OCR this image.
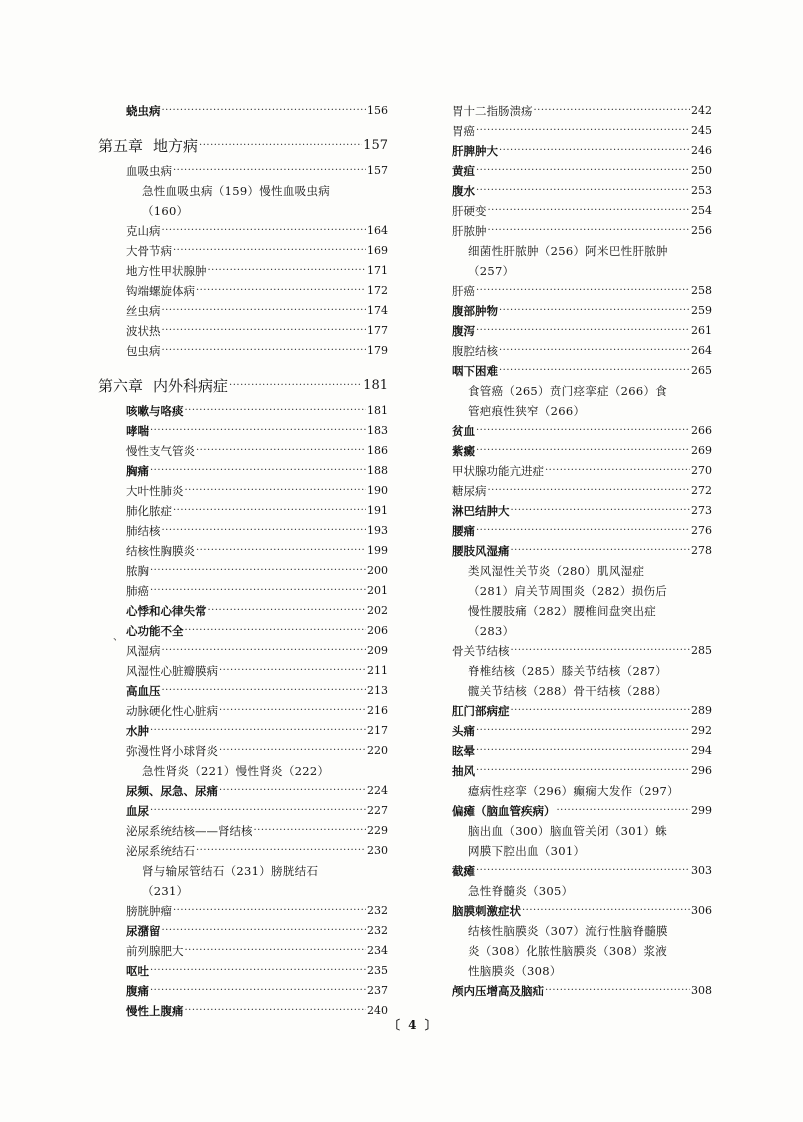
蛲虫病 ·····	156
第五章 地方病 ·····	157
血吸虫病 ·····	157
急性血吸虫病（159）慢性血吸虫病（160）
克山病 ·····	164
大骨节病 ·····	169
地方性甲状腺肿 ·····	171
钩端螺旋体病 ·····	172
丝虫病 ·····	174
波状热 ·····	177
包虫病 ·····	179
第六章 内外科病症 ·····	181
咳嗽与咯痰 ·····	181
哮喘 ·····	183
慢性支气管炎 ·····	186
胸痛 ·····	188
大叶性肺炎 ·····	190
肺化脓症 ·····	191
肺结核 ·····	193
结核性胸膜炎 ·····	199
脓胸 ·····	200
肺癌 ·····	201
心悸和心律失常 ·····	202
心功能不全 ·····	206
风湿病 ·····	209
风湿性心脏瓣膜病 ·····	211
高血压 ·····	213
动脉硬化性心脏病 ·····	216
水肿 ·····	217
弥漫性肾小球肾炎 ·····	220
急性肾炎（221）慢性肾炎（222）
尿频、尿急、尿痛 ·····	224
血尿 ·····	227
泌尿系统结核——肾结核 ·····	229
泌尿系统结石 ·····	230
肾与输尿管结石（231）膀胱结石（231）
膀胱肿瘤 ·····	232
尿潴留 ·····	232
前列腺肥大 ·····	234
呕吐 ·····	235
腹痛 ·····	237
慢性上腹痛 ·····	240
胃十二指肠溃疡 ·····	242
胃癌 ·····	245
肝脾肿大 ·····	246
黄疸 ·····	250
腹水 ·····	253
肝硬变 ·····	254
肝脓肿 ·····	256
细菌性肝脓肿（256）阿米巴性肝脓肿（257）
肝癌 ·····	258
腹部肿物 ·····	259
腹泻 ·····	261
腹腔结核 ·····	264
咽下困难 ·····	265
食管癌（265）贲门痉挛症（266）食管疤痕性狭窄（266）
贫血 ·····	266
紫癜 ·····	269
甲状腺功能亢进症 ·····	270
糖尿病 ·····	272
淋巴结肿大 ·····	273
腰痛 ·····	276
腰肢风湿痛 ·····	278
类风湿性关节炎（280）肌风湿症（281）肩关节周围炎（282）损伤后慢性腰肢痛（282）腰椎间盘突出症（283）
骨关节结核 ·····	285
脊椎结核（285）膝关节结核（287）髋关节结核（288）骨干结核（288）
肛门部病症 ·····	289
头痛 ·····	292
眩晕 ·····	294
抽风 ·····	296
癔病性痉挛（296）癫痫大发作（297）
偏瘫（脑血管疾病） ·····	299
脑出血（300）脑血管关闭（301）蛛网膜下腔出血（301）
截瘫 ·····	303
急性脊髓炎（305）
脑膜刺激症状 ·····	306
结核性脑膜炎（307）流行性脑脊髓膜炎（308）化脓性脑膜炎（308）浆液性脑膜炎（308）
颅内压增高及脑疝 ·····	308
〔 4 〕
、
